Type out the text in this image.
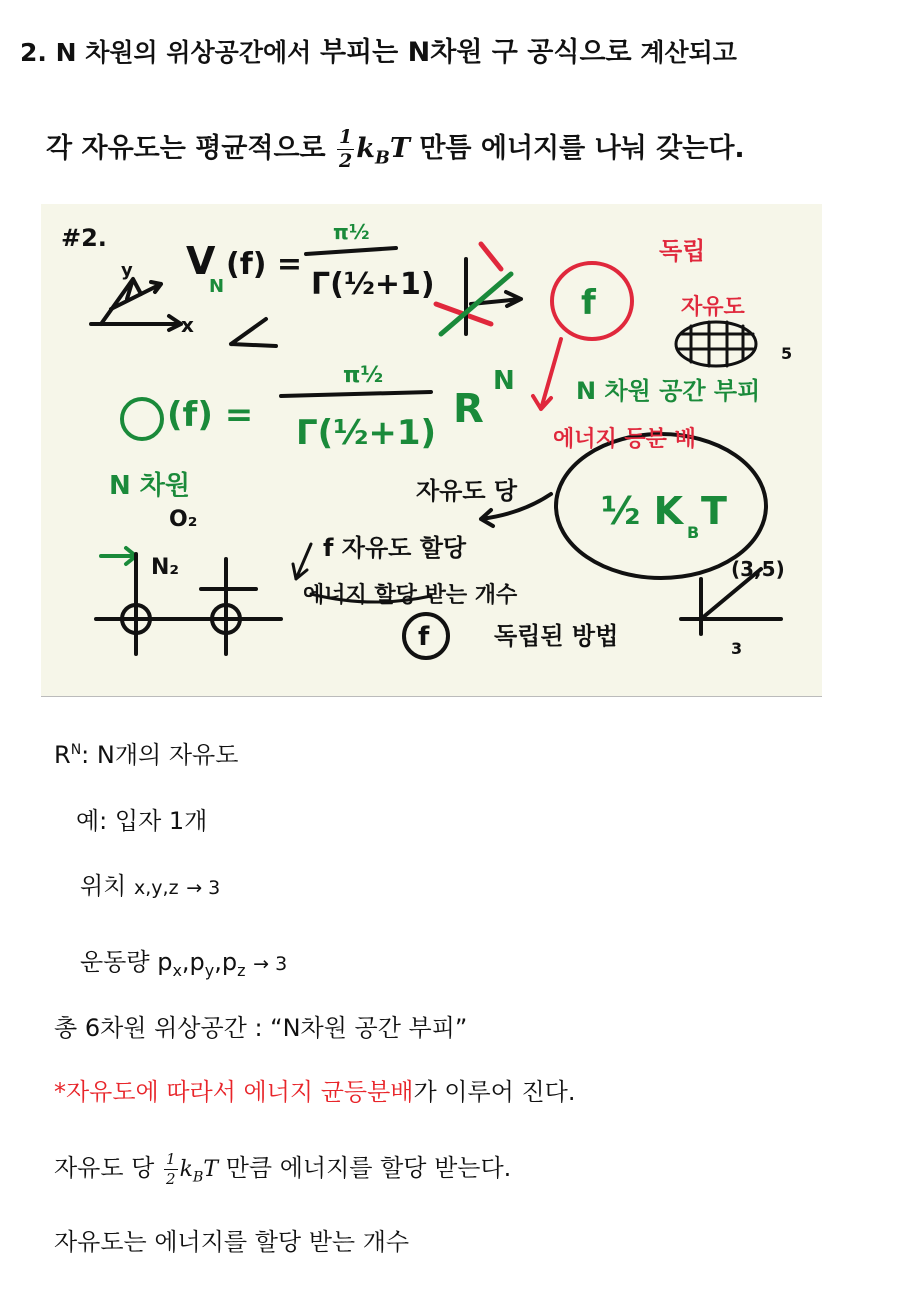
2. N 차원의 위상공간에서 부피는 N차원 구 공식으로 계산되고
각 자유도는 평균적으로 $\frac{1}{2} k_BT$ 만틈 에너지를 나눠 갖는다.
#2.
V
N
(f) =
π½
Γ(½+1)
(f) =
π½
Γ(½+1)
R
N
N 차원
N 차원 공간 부피
에너지 등분 배
자유도 당 ½ K B T
O₂
N₂
f 자유도 할당
에너지 할당 받는 개수
독립된 방법
f
f
(3,5)
독립
자유도
3
5
x
y
$R^N$: N개의 자유도
예: 입자 1개
위치 x,y,z → 3
운동량 $p_x,p_y,p_z \to 3$
총 6차원 위상공간 : “N차원 공간 부피”
*자유도에 따라서 에너지 균등분배가 이루어 진다.
자유도 당 $\frac{1}{2} k_BT$ 만큼 에너지를 할당 받는다.
자유도는 에너지를 할당 받는 개수
